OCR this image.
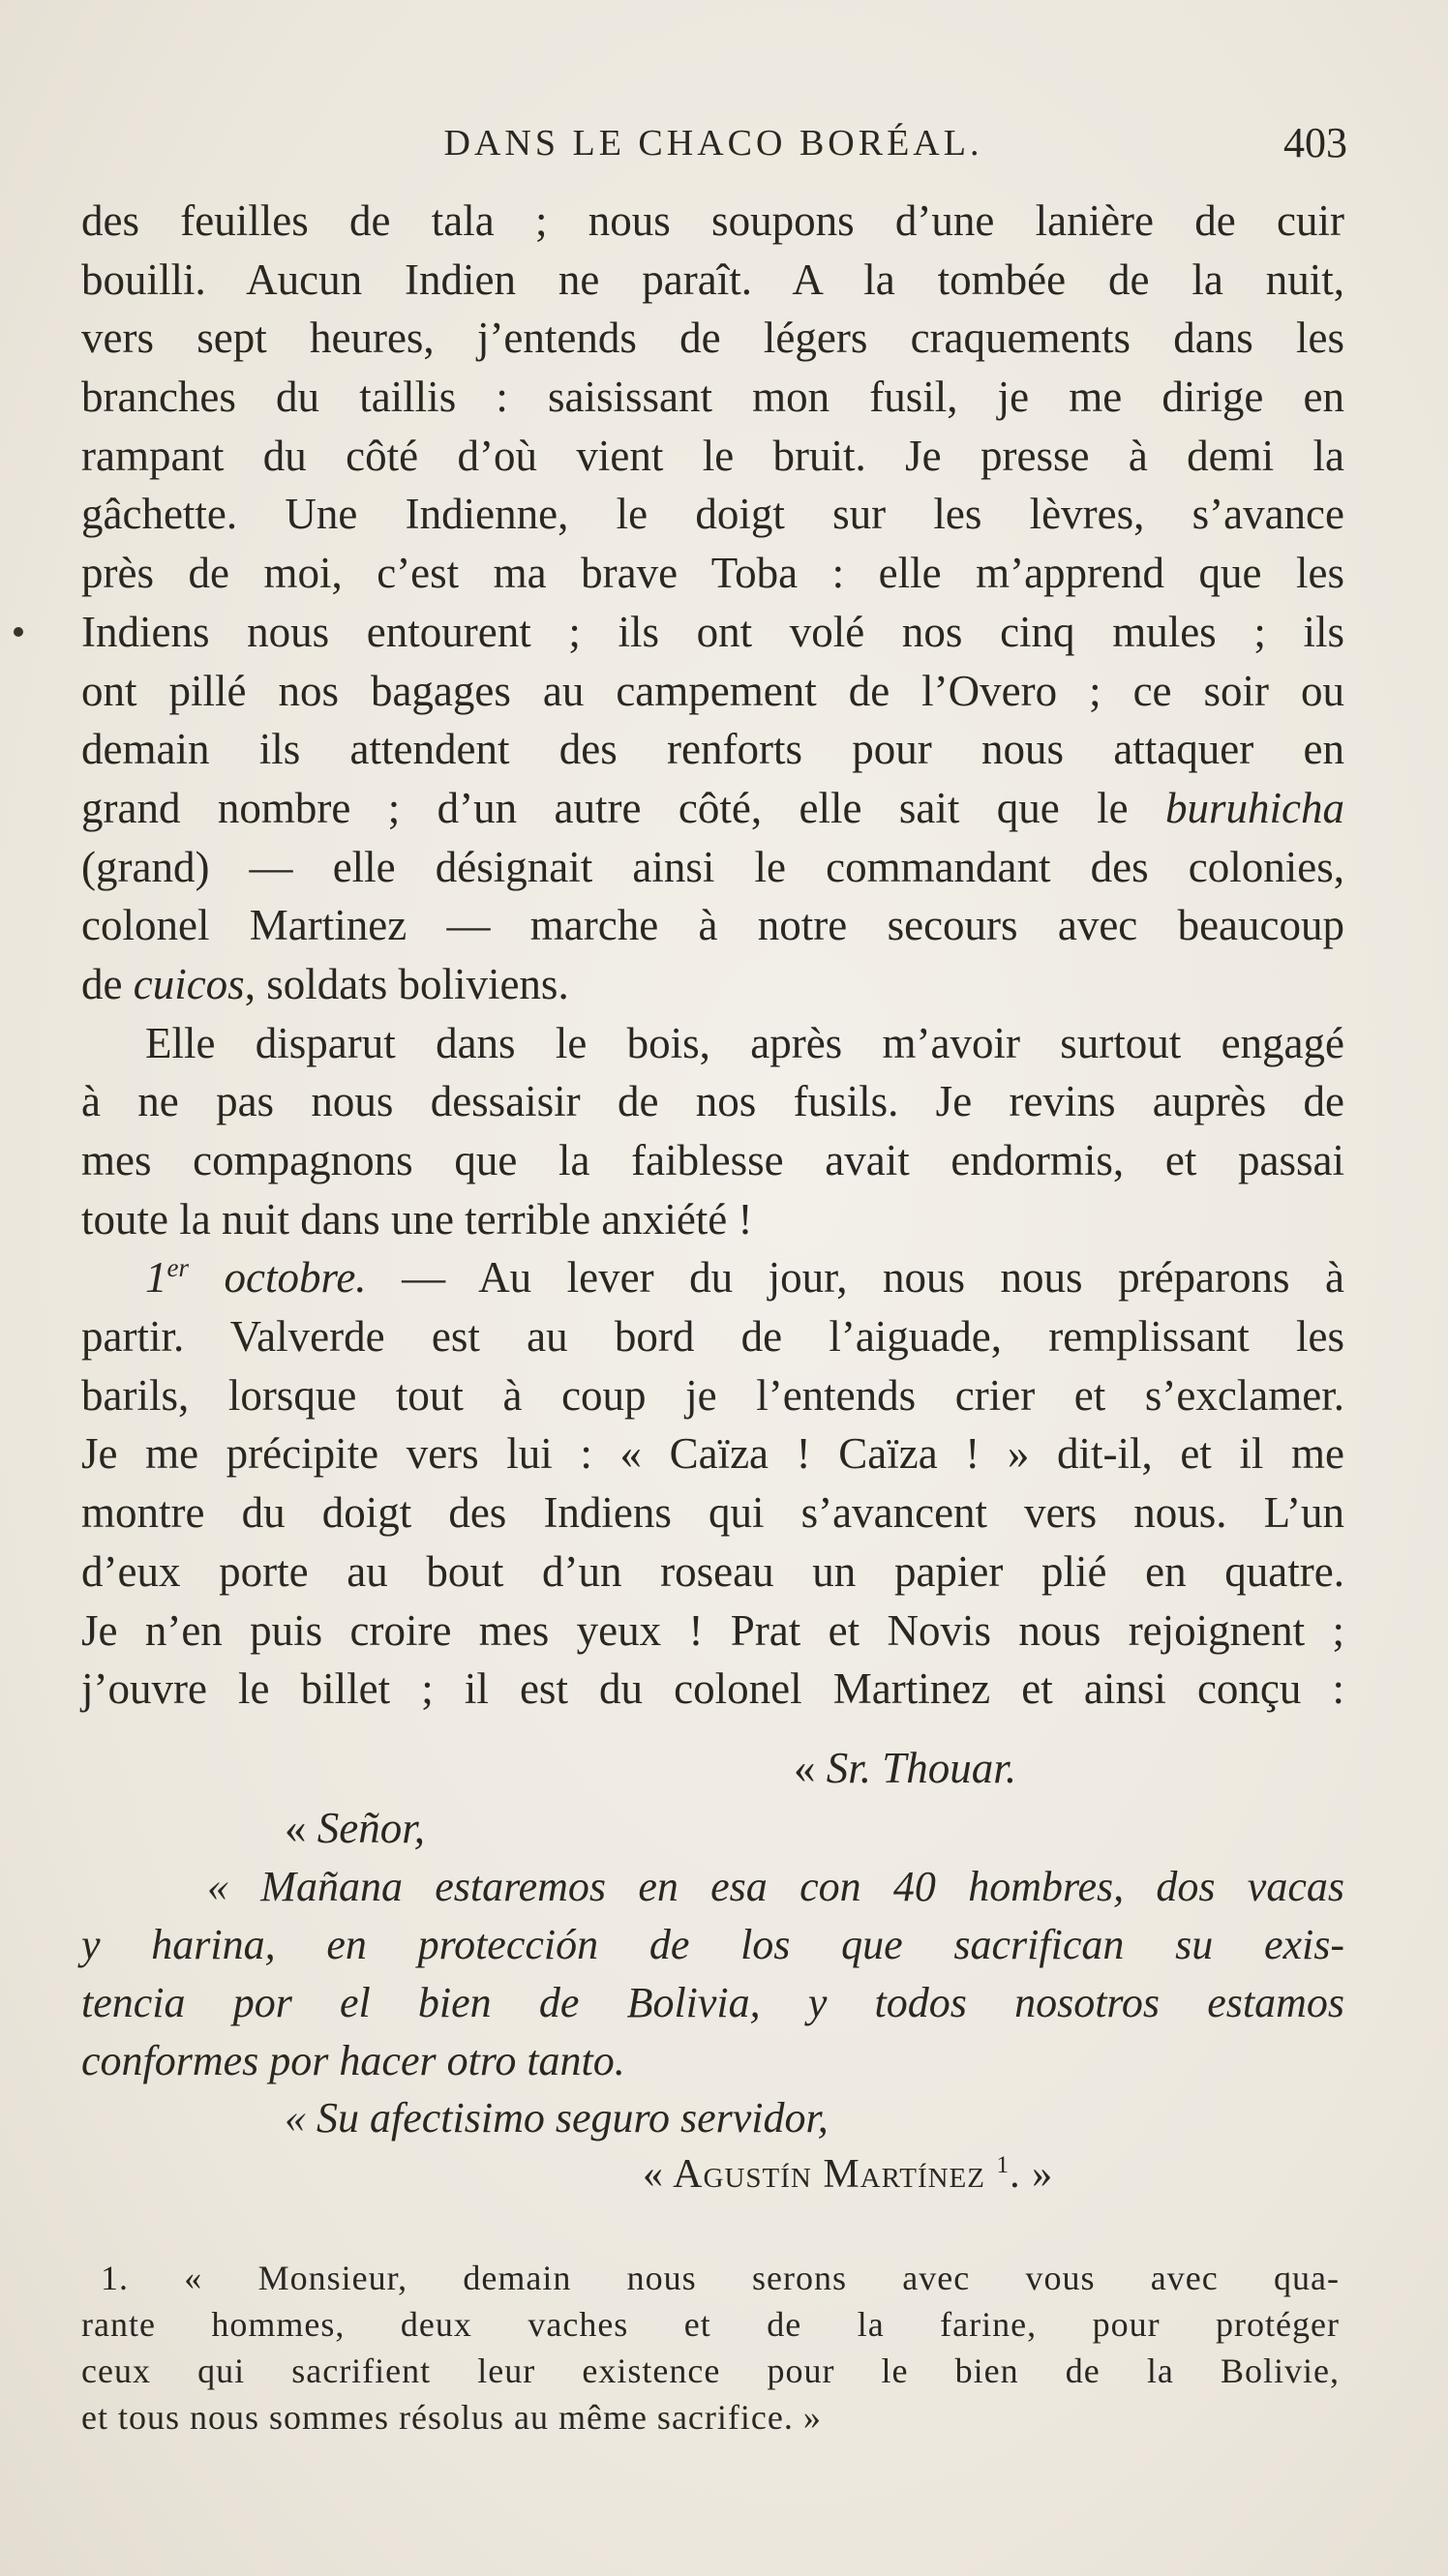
DANS LE CHACO BORÉAL.	403
des feuilles de tala ; nous soupons d’une lanière de cuir
bouilli. Aucun Indien ne paraît. A la tombée de la nuit,
vers sept heures, j’entends de légers craquements dans les
branches du taillis : saisissant mon fusil, je me dirige en
rampant du côté d’où vient le bruit. Je presse à demi la
gâchette. Une Indienne, le doigt sur les lèvres, s’avance
près de moi, c’est ma brave Toba : elle m’apprend que les
Indiens nous entourent ; ils ont volé nos cinq mules ; ils
ont pillé nos bagages au campement de l’Overo ; ce soir ou
demain ils attendent des renforts pour nous attaquer en
grand nombre ; d’un autre côté, elle sait que le buruhicha
(grand) — elle désignait ainsi le commandant des colonies,
colonel Martinez — marche à notre secours avec beaucoup
de cuicos, soldats boliviens.
Elle disparut dans le bois, après m’avoir surtout engagé
à ne pas nous dessaisir de nos fusils. Je revins auprès de
mes compagnons que la faiblesse avait endormis, et passai
toute la nuit dans une terrible anxiété !
1er octobre. — Au lever du jour, nous nous préparons à
partir. Valverde est au bord de l’aiguade, remplissant les
barils, lorsque tout à coup je l’entends crier et s’exclamer.
Je me précipite vers lui : « Caïza ! Caïza ! » dit-il, et il me
montre du doigt des Indiens qui s’avancent vers nous. L’un
d’eux porte au bout d’un roseau un papier plié en quatre.
Je n’en puis croire mes yeux ! Prat et Novis nous rejoignent ;
j’ouvre le billet ; il est du colonel Martinez et ainsi conçu :
« Sr. Thouar.
« Señor,
« Mañana estaremos en esa con 40 hombres, dos vacas
y harina, en protección de los que sacrifican su exis-
tencia por el bien de Bolivia, y todos nosotros estamos
conformes por hacer otro tanto.
« Su afectisimo seguro servidor,
« Agustín Martínez $^1$. »
1. « Monsieur, demain nous serons avec vous avec qua-
rante hommes, deux vaches et de la farine, pour protéger
ceux qui sacrifient leur existence pour le bien de la Bolivie,
et tous nous sommes résolus au même sacrifice. »
